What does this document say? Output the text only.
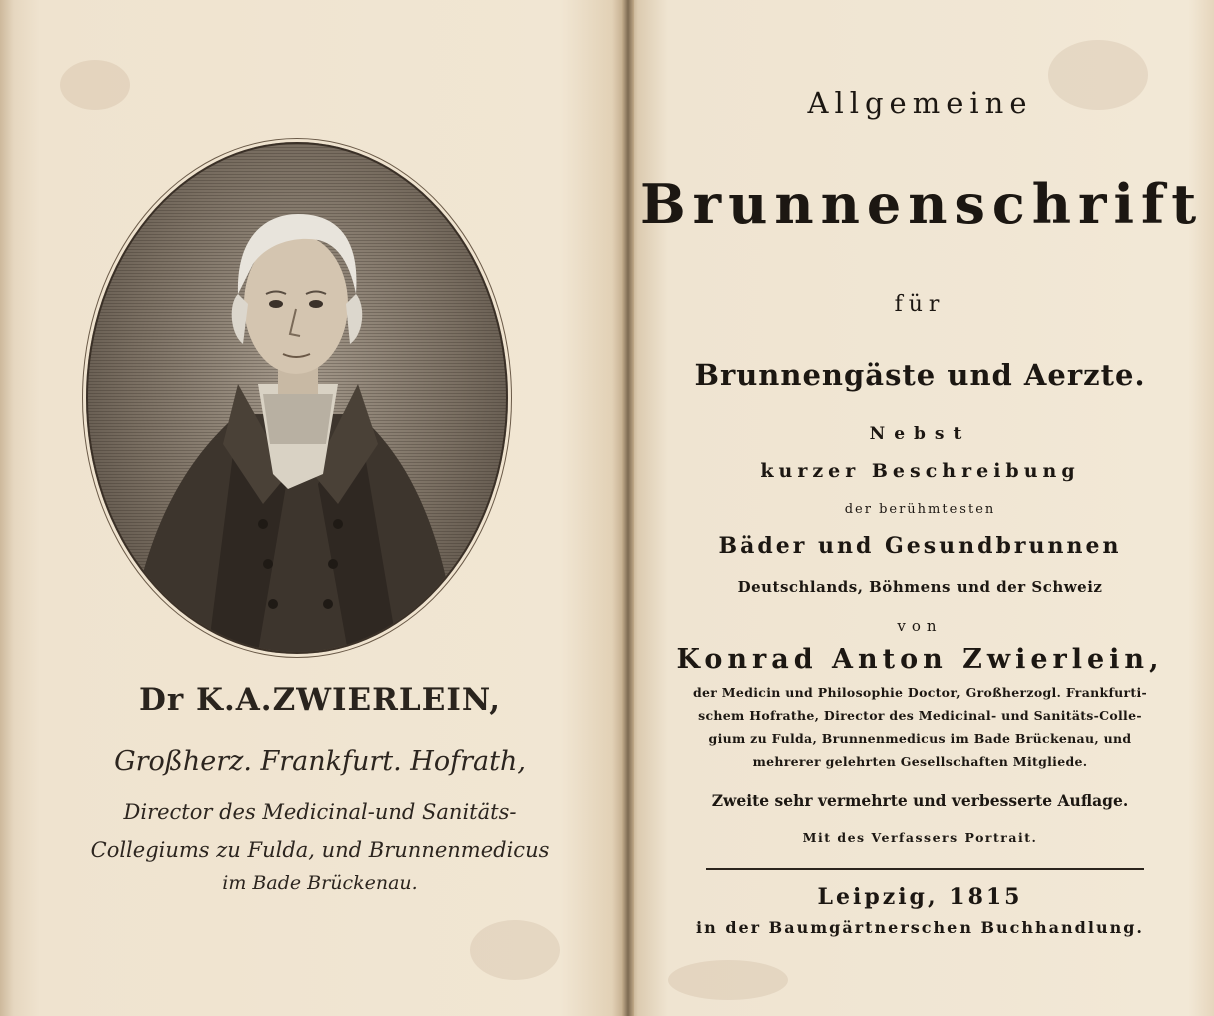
Dr K.A.ZWIERLEIN,
Großherz. Frankfurt. Hofrath,
Director des Medicinal-und Sanitäts-
Collegiums zu Fulda, und Brunnenmedicus
im Bade Brückenau.
Allgemeine
Brunnenschrift
für
Brunnengäste und Aerzte.
Nebst
kurzer Beschreibung
der berühmtesten
Bäder und Gesundbrunnen
Deutschlands, Böhmens und der Schweiz
von
Konrad Anton Zwierlein,
der Medicin und Philosophie Doctor, Großherzogl. Frankfurti-
schem Hofrathe, Director des Medicinal- und Sanitäts-Colle-
gium zu Fulda, Brunnenmedicus im Bade Brückenau, und
mehrerer gelehrten Gesellschaften Mitgliede.
Zweite sehr vermehrte und verbesserte Auflage.
Mit des Verfassers Portrait.
Leipzig, 1815
in der Baumgärtnerschen Buchhandlung.
